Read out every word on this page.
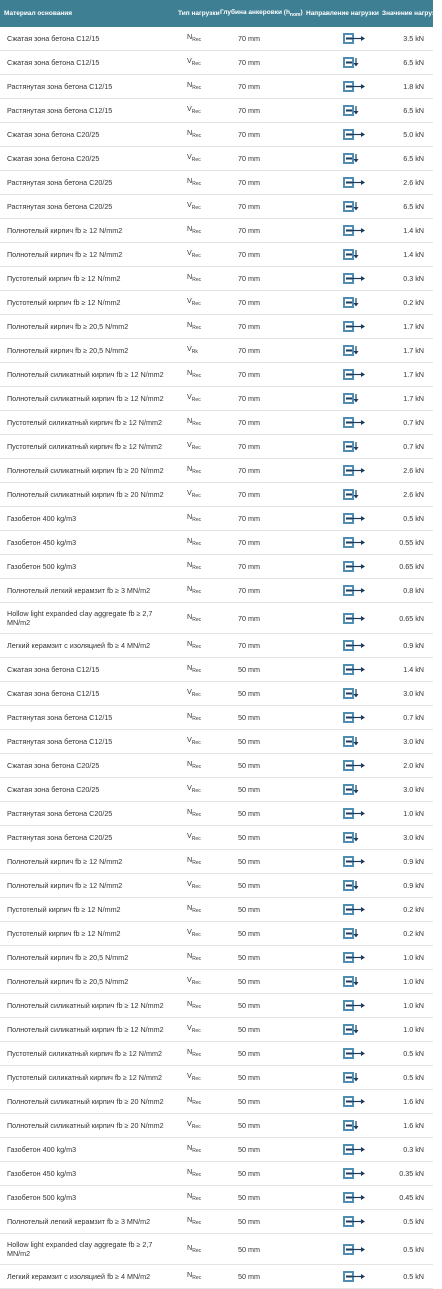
Материал основания	Тип нагрузки	Глубина анкеровки $(h_{nom})$	Направление нагрузки	Значение нагрузки
Сжатая зона бетона C12/15	$N_{Rec}$	70 mm		3.5 kN
Сжатая зона бетона C12/15	$V_{Rec}$	70 mm		6.5 kN
Растянутая зона бетона C12/15	$N_{Rec}$	70 mm		1.8 kN
Растянутая зона бетона C12/15	$V_{Rec}$	70 mm		6.5 kN
Сжатая зона бетона C20/25	$N_{Rec}$	70 mm		5.0 kN
Сжатая зона бетона C20/25	$V_{Rec}$	70 mm		6.5 kN
Растянутая зона бетона C20/25	$N_{Rec}$	70 mm		2.6 kN
Растянутая зона бетона C20/25	$V_{Rec}$	70 mm		6.5 kN
Полнотелый кирпич fb ≥ 12 N/mm2	$N_{Rec}$	70 mm		1.4 kN
Полнотелый кирпич fb ≥ 12 N/mm2	$V_{Rec}$	70 mm		1.4 kN
Пустотелый кирпич fb ≥ 12 N/mm2	$N_{Rec}$	70 mm		0.3 kN
Пустотелый кирпич fb ≥ 12 N/mm2	$V_{Rec}$	70 mm		0.2 kN
Полнотелый кирпич fb ≥ 20,5 N/mm2	$N_{Rec}$	70 mm		1.7 kN
Полнотелый кирпич fb ≥ 20,5 N/mm2	$V_{Rk}$	70 mm		1.7 kN
Полнотелый силикатный кирпич fb ≥ 12 N/mm2	$N_{Rec}$	70 mm		1.7 kN
Полнотелый силикатный кирпич fb ≥ 12 N/mm2	$V_{Rec}$	70 mm		1.7 kN
Пустотелый силикатный кирпич fb ≥ 12 N/mm2	$N_{Rec}$	70 mm		0.7 kN
Пустотелый силикатный кирпич fb ≥ 12 N/mm2	$V_{Rec}$	70 mm		0.7 kN
Полнотелый силикатный кирпич fb ≥ 20 N/mm2	$N_{Rec}$	70 mm		2.6 kN
Полнотелый силикатный кирпич fb ≥ 20 N/mm2	$V_{Rec}$	70 mm		2.6 kN
Газобетон 400 kg/m3	$N_{Rec}$	70 mm		0.5 kN
Газобетон 450 kg/m3	$N_{Rec}$	70 mm		0.55 kN
Газобетон 500 kg/m3	$N_{Rec}$	70 mm		0.65 kN
Полнотелый легкий керамзит fb ≥ 3 MN/m2	$N_{Rec}$	70 mm		0.8 kN
Hollow light expanded clay aggregate fb ≥ 2,7 MN/m2	$N_{Rec}$	70 mm		0.65 kN
Легкий керамзит с изоляцией fb ≥ 4 MN/m2	$N_{Rec}$	70 mm		0.9 kN
Сжатая зона бетона C12/15	$N_{Rec}$	50 mm		1.4 kN
Сжатая зона бетона C12/15	$V_{Rec}$	50 mm		3.0 kN
Растянутая зона бетона C12/15	$N_{Rec}$	50 mm		0.7 kN
Растянутая зона бетона C12/15	$V_{Rec}$	50 mm		3.0 kN
Сжатая зона бетона C20/25	$N_{Rec}$	50 mm		2.0 kN
Сжатая зона бетона C20/25	$V_{Rec}$	50 mm		3.0 kN
Растянутая зона бетона C20/25	$N_{Rec}$	50 mm		1.0 kN
Растянутая зона бетона C20/25	$V_{Rec}$	50 mm		3.0 kN
Полнотелый кирпич fb ≥ 12 N/mm2	$N_{Rec}$	50 mm		0.9 kN
Полнотелый кирпич fb ≥ 12 N/mm2	$V_{Rec}$	50 mm		0.9 kN
Пустотелый кирпич fb ≥ 12 N/mm2	$N_{Rec}$	50 mm		0.2 kN
Пустотелый кирпич fb ≥ 12 N/mm2	$V_{Rec}$	50 mm		0.2 kN
Полнотелый кирпич fb ≥ 20,5 N/mm2	$N_{Rec}$	50 mm		1.0 kN
Полнотелый кирпич fb ≥ 20,5 N/mm2	$V_{Rec}$	50 mm		1.0 kN
Полнотелый силикатный кирпич fb ≥ 12 N/mm2	$N_{Rec}$	50 mm		1.0 kN
Полнотелый силикатный кирпич fb ≥ 12 N/mm2	$V_{Rec}$	50 mm		1.0 kN
Пустотелый силикатный кирпич fb ≥ 12 N/mm2	$N_{Rec}$	50 mm		0.5 kN
Пустотелый силикатный кирпич fb ≥ 12 N/mm2	$V_{Rec}$	50 mm		0.5 kN
Полнотелый силикатный кирпич fb ≥ 20 N/mm2	$N_{Rec}$	50 mm		1.6 kN
Полнотелый силикатный кирпич fb ≥ 20 N/mm2	$V_{Rec}$	50 mm		1.6 kN
Газобетон 400 kg/m3	$N_{Rec}$	50 mm		0.3 kN
Газобетон 450 kg/m3	$N_{Rec}$	50 mm		0.35 kN
Газобетон 500 kg/m3	$N_{Rec}$	50 mm		0.45 kN
Полнотелый легкий керамзит fb ≥ 3 MN/m2	$N_{Rec}$	50 mm		0.5 kN
Hollow light expanded clay aggregate fb ≥ 2,7 MN/m2	$N_{Rec}$	50 mm		0.5 kN
Легкий керамзит с изоляцией fb ≥ 4 MN/m2	$N_{Rec}$	50 mm		0.5 kN
